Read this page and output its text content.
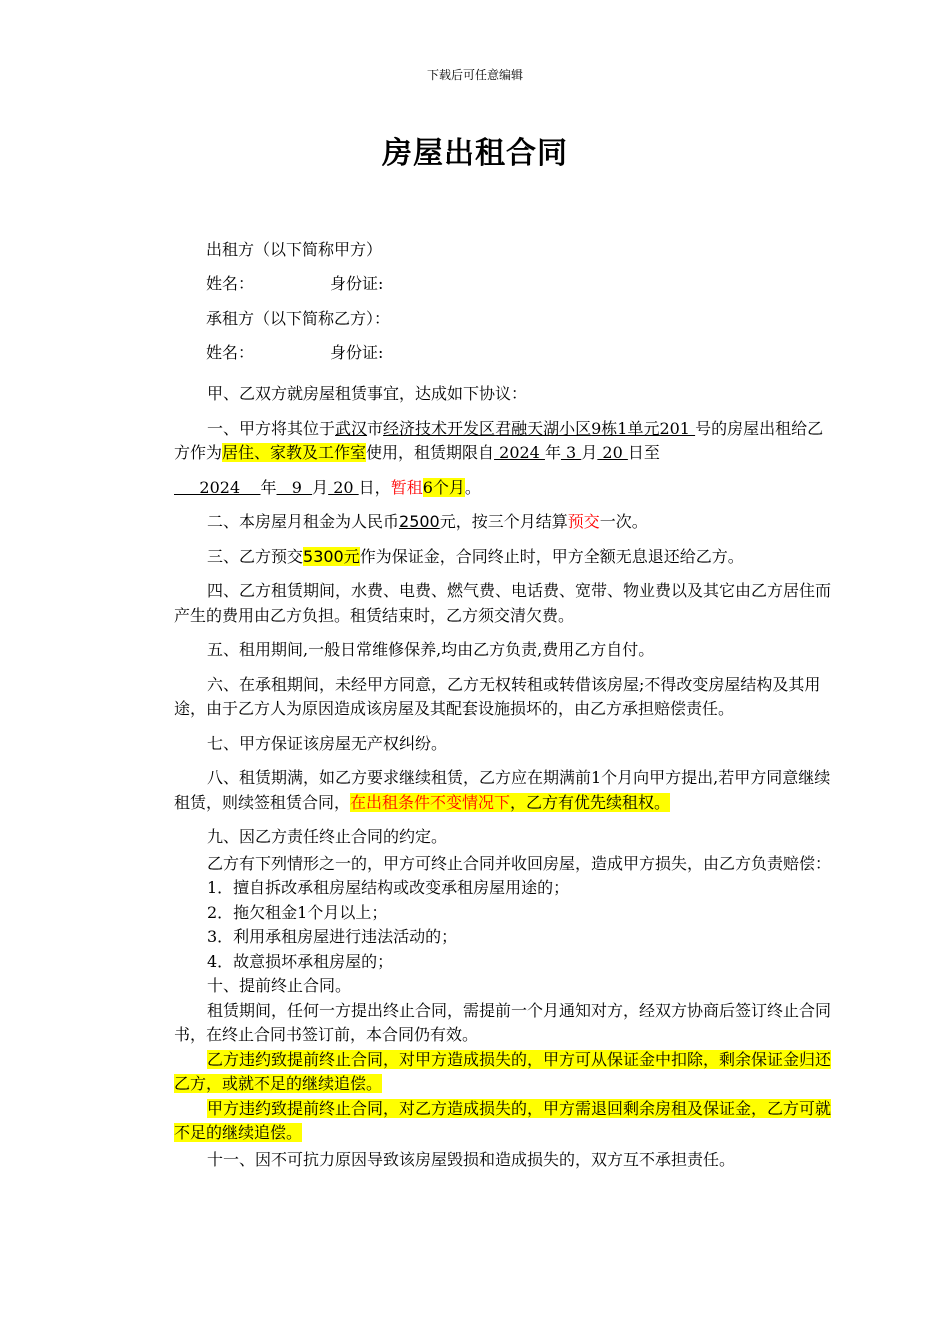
下载后可任意编辑
房屋出租合同
出租方（以下简称甲方）
姓名：	身份证:
承租方（以下简称乙方）：
姓名：	身份证:

甲、乙双方就房屋租赁事宜，达成如下协议：

一、甲方将其位于武汉市经济技术开发区君融天湖小区9栋1单元201 号的房屋出租给乙方作为居住、家教及工作室使用，租赁期限自 2024 年 3 月 20 日至

2024    年   9  月 20 日，暂租6个月。

二、本房屋月租金为人民币2500元，按三个月结算预交一次。

三、乙方预交5300元作为保证金，合同终止时，甲方全额无息退还给乙方。

四、乙方租赁期间，水费、电费、燃气费、电话费、宽带、物业费以及其它由乙方居住而产生的费用由乙方负担。租赁结束时，乙方须交清欠费。

五、租用期间,一般日常维修保养,均由乙方负责,费用乙方自付。

六、在承租期间，未经甲方同意，乙方无权转租或转借该房屋;不得改变房屋结构及其用途，由于乙方人为原因造成该房屋及其配套设施损坏的，由乙方承担赔偿责任。

七、甲方保证该房屋无产权纠纷。

八、租赁期满，如乙方要求继续租赁，乙方应在期满前1个月向甲方提出,若甲方同意继续租赁，则续签租赁合同，在出租条件不变情况下，乙方有优先续租权。

九、因乙方责任终止合同的约定。

乙方有下列情形之一的，甲方可终止合同并收回房屋，造成甲方损失，由乙方负责赔偿：

1．擅自拆改承租房屋结构或改变承租房屋用途的；

2．拖欠租金1个月以上；

3．利用承租房屋进行违法活动的；

4．故意损坏承租房屋的；

十、提前终止合同。

租赁期间，任何一方提出终止合同，需提前一个月通知对方，经双方协商后签订终止合同书，在终止合同书签订前，本合同仍有效。

乙方违约致提前终止合同，对甲方造成损失的，甲方可从保证金中扣除，剩余保证金归还乙方，或就不足的继续追偿。

甲方违约致提前终止合同，对乙方造成损失的，甲方需退回剩余房租及保证金，乙方可就不足的继续追偿。

十一、因不可抗力原因导致该房屋毁损和造成损失的，双方互不承担责任。
